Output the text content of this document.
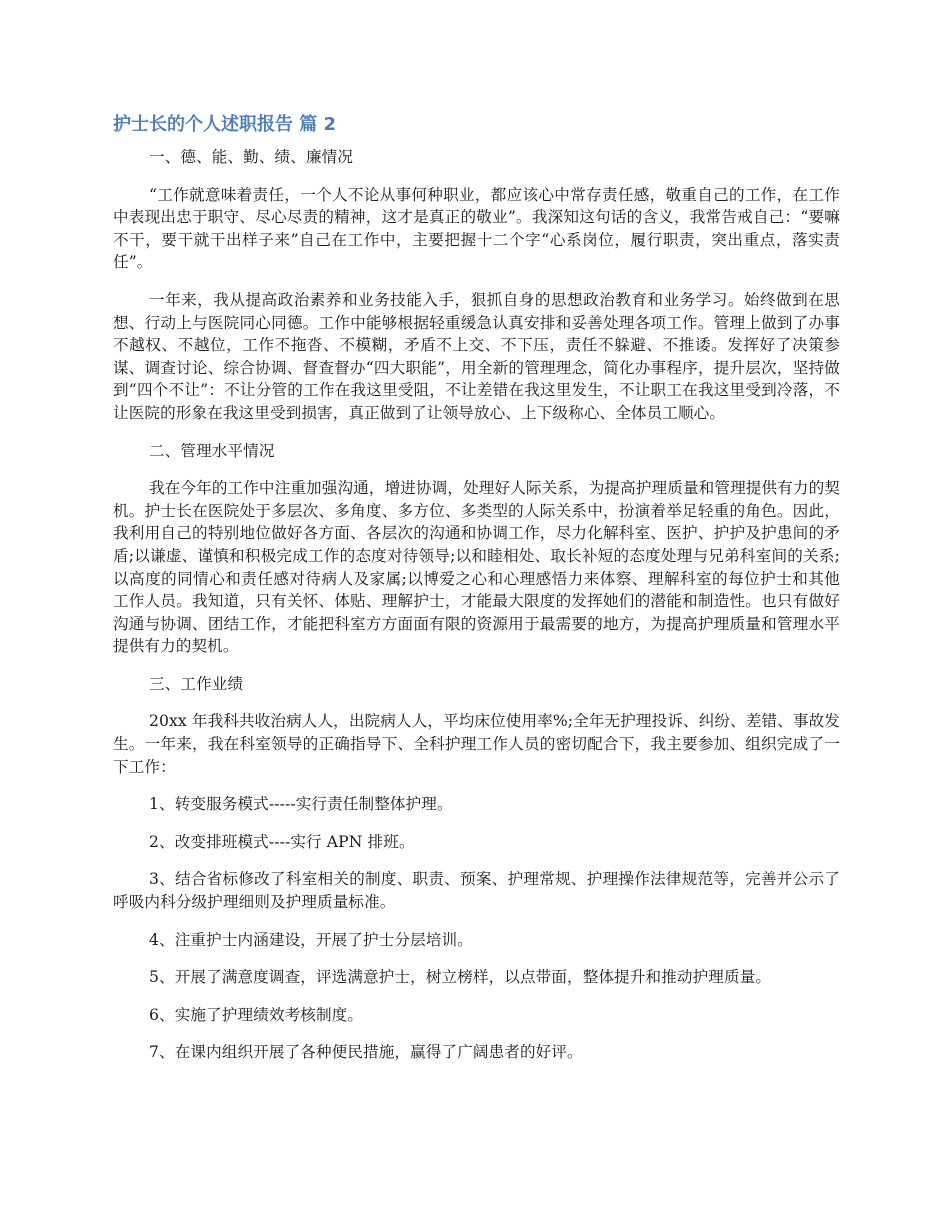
护士长的个人述职报告 篇 2

一、德、能、勤、绩、廉情况

“工作就意味着责任，一个人不论从事何种职业，都应该心中常存责任感，敬重自己的工作，在工作中表现出忠于职守、尽心尽责的精神，这才是真正的敬业”。我深知这句话的含义，我常告戒自己：“要嘛不干，要干就干出样子来”自己在工作中，主要把握十二个字“心系岗位，履行职责，突出重点，落实责任”。

一年来，我从提高政治素养和业务技能入手，狠抓自身的思想政治教育和业务学习。始终做到在思想、行动上与医院同心同德。工作中能够根据轻重缓急认真安排和妥善处理各项工作。管理上做到了办事不越权、不越位，工作不拖沓、不模糊，矛盾不上交、不下压，责任不躲避、不推诿。发挥好了决策参谋、调查讨论、综合协调、督查督办“四大职能”，用全新的管理理念，简化办事程序，提升层次，坚持做到“四个不让”：不让分管的工作在我这里受阻，不让差错在我这里发生，不让职工在我这里受到冷落，不让医院的形象在我这里受到损害，真正做到了让领导放心、上下级称心、全体员工顺心。

二、管理水平情况

我在今年的工作中注重加强沟通，增进协调，处理好人际关系，为提高护理质量和管理提供有力的契机。护士长在医院处于多层次、多角度、多方位、多类型的人际关系中，扮演着举足轻重的角色。因此，我利用自己的特别地位做好各方面、各层次的沟通和协调工作，尽力化解科室、医护、护护及护患间的矛盾;以谦虚、谨慎和积极完成工作的态度对待领导;以和睦相处、取长补短的态度处理与兄弟科室间的关系;以高度的同情心和责任感对待病人及家属;以博爱之心和心理感悟力来体察、理解科室的每位护士和其他工作人员。我知道，只有关怀、体贴、理解护士，才能最大限度的发挥她们的潜能和制造性。也只有做好沟通与协调、团结工作，才能把科室方方面面有限的资源用于最需要的地方，为提高护理质量和管理水平提供有力的契机。

三、工作业绩

20xx 年我科共收治病人人，出院病人人，平均床位使用率%;全年无护理投诉、纠纷、差错、事故发生。一年来，我在科室领导的正确指导下、全科护理工作人员的密切配合下，我主要参加、组织完成了一下工作：

1、转变服务模式-----实行责任制整体护理。

2、改变排班模式----实行 APN 排班。

3、结合省标修改了科室相关的制度、职责、预案、护理常规、护理操作法律规范等，完善并公示了呼吸内科分级护理细则及护理质量标准。

4、注重护士内涵建设，开展了护士分层培训。

5、开展了满意度调查，评选满意护士，树立榜样，以点带面，整体提升和推动护理质量。

6、实施了护理绩效考核制度。

7、在课内组织开展了各种便民措施，赢得了广阔患者的好评。
